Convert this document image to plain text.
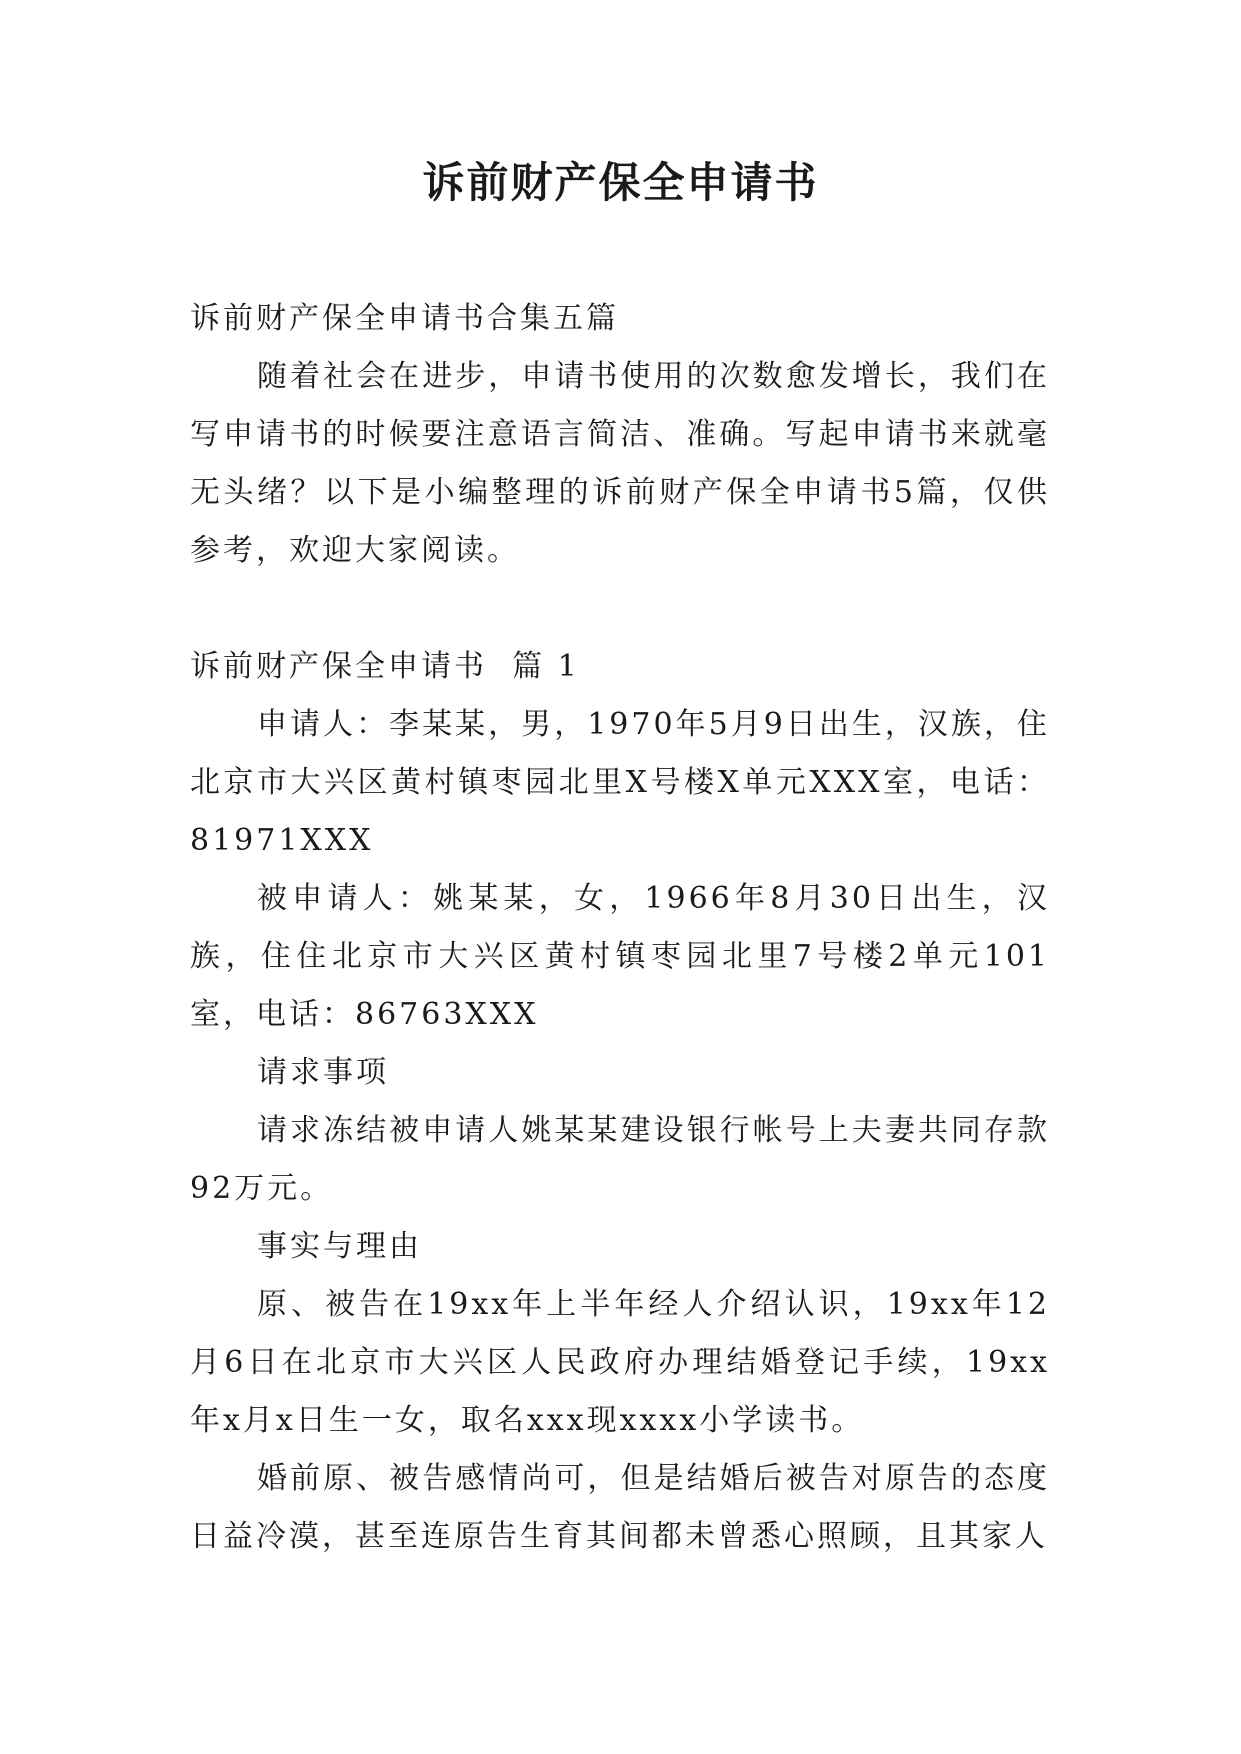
诉前财产保全申请书

诉前财产保全申请书合集五篇

随着社会在进步，申请书使用的次数愈发增长，我们在写申请书的时候要注意语言简洁、准确。写起申请书来就毫无头绪？以下是小编整理的诉前财产保全申请书5篇，仅供参考，欢迎大家阅读。

诉前财产保全申请书  篇 1

申请人：李某某，男，1970年5月9日出生，汉族，住北京市大兴区黄村镇枣园北里X号楼X单元XXX室，电话：81971XXX

被申请人：姚某某，女，1966年8月30日出生，汉族，住住北京市大兴区黄村镇枣园北里7号楼2单元101室，电话：86763XXX

请求事项

请求冻结被申请人姚某某建设银行帐号上夫妻共同存款92万元。

事实与理由

原、被告在19xx年上半年经人介绍认识，19xx年12月6日在北京市大兴区人民政府办理结婚登记手续，19xx年x月x日生一女，取名xxx现xxxx小学读书。

婚前原、被告感情尚可，但是结婚后被告对原告的态度日益冷漠，甚至连原告生育其间都未曾悉心照顾，且其家人
